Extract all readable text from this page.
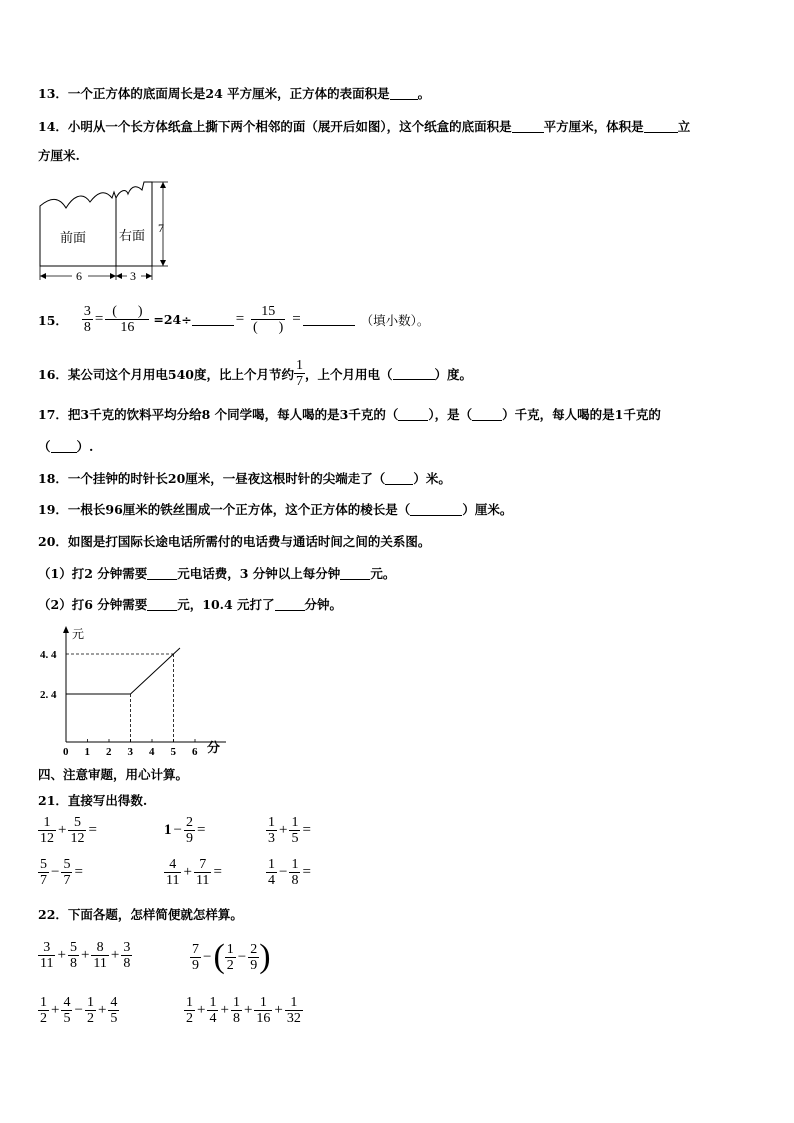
13．一个正方体的底面周长是24 平方厘米，正方体的表面积是 。
14．小明从一个长方体纸盒上撕下两个相邻的面（展开后如图），这个纸盒的底面积是	平方厘米，体积是	立
方厘米.
前面	右面 7
6	3
15． $\frac{3}{8} = \frac{( )}{16} =24\div$	= $\frac{15}{( )}$ =	（填小数）。
16． 某公司这个月用电540度，比上个月节约 $\frac{1}{7}$ ，上个月用电（	）度。
17．把3千克的饮料平均分给8 个同学喝，每人喝的是3千克的（ ），是（ ）千克，每人喝的是1千克的
（ ）.
18．一个挂钟的时针长20厘米，一昼夜这根时针的尖端走了（ ）米。
19．一根长96厘米的铁丝围成一个正方体，这个正方体的棱长是（	）厘米。
20．如图是打国际长途电话所需付的电话费与通话时间之间的关系图。
（1）打2 分钟需要 元电话费，3 分钟以上每分钟 元。
（2）打6 分钟需要 元，10.4 元打了 分钟。
元
分
0 1 2 3 4 5 6
2. 4
4. 4
四、注意审题，用心计算。
21．直接写出得数.
$\frac{1}{12} + \frac{5}{12}$ =	$1 - \frac{2}{9}$ =	$\frac{1}{3} + \frac{1}{5}$ =
$\frac{5}{7} - \frac{5}{7}$ =	$\frac{4}{11} + \frac{7}{11}$ =	$\frac{1}{4} - \frac{1}{8}$ =
22．下面各题，怎样简便就怎样算。
$\frac{3}{11} + \frac{5}{8} + \frac{8}{11} + \frac{3}{8}$	$\frac{7}{9}$ − ( $\frac{1}{2} - \frac{2}{9}$ )
$\frac{1}{2} + \frac{4}{5} - \frac{1}{2} + \frac{4}{5}$	$\frac{1}{2} + \frac{1}{4} + \frac{1}{8} + \frac{1}{16} + \frac{1}{32}$
